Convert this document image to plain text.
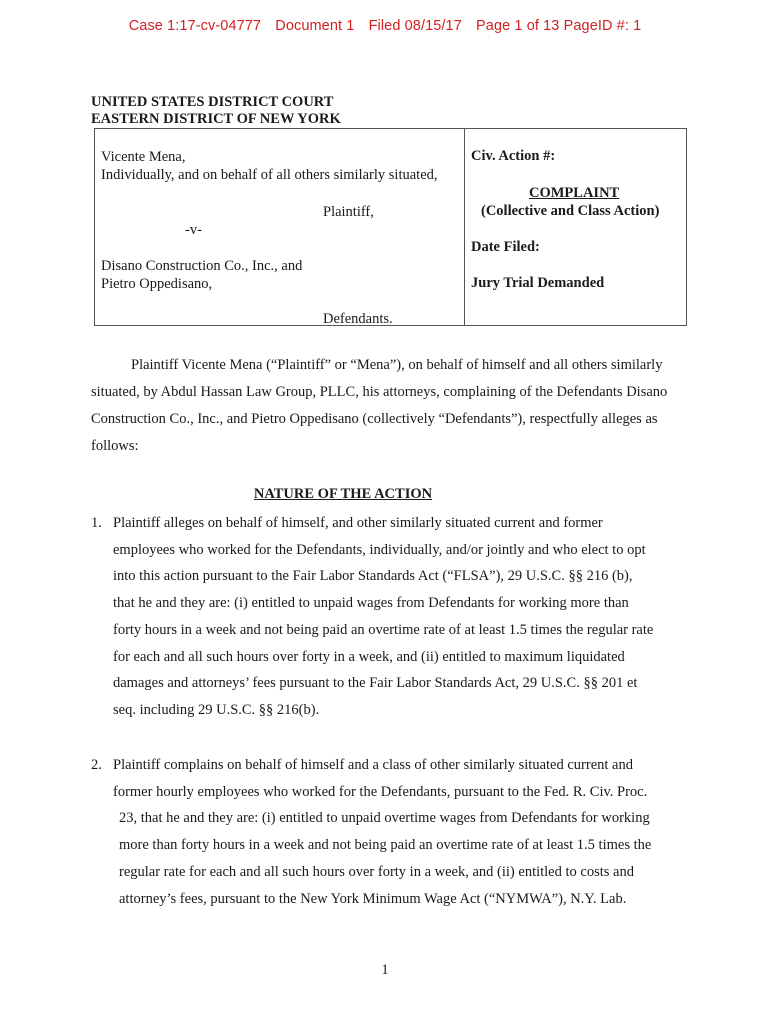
Case 1:17-cv-04777 Document 1 Filed 08/15/17 Page 1 of 13 PageID #: 1
UNITED STATES DISTRICT COURT
EASTERN DISTRICT OF NEW YORK
Vicente Mena,
Individually, and on behalf of all others similarly situated,
Plaintiff,
-v-
Disano Construction Co., Inc., and
Pietro Oppedisano,
Defendants.
Civ. Action #:
COMPLAINT
(Collective and Class Action)
Date Filed:
Jury Trial Demanded
Plaintiff Vicente Mena (“Plaintiff” or “Mena”), on behalf of himself and all others similarly situated, by Abdul Hassan Law Group, PLLC, his attorneys, complaining of the Defendants Disano Construction Co., Inc., and Pietro Oppedisano (collectively “Defendants”), respectfully alleges as follows:
NATURE OF THE ACTION
1. Plaintiff alleges on behalf of himself, and other similarly situated current and former
employees who worked for the Defendants, individually, and/or jointly and who elect to opt
into this action pursuant to the Fair Labor Standards Act (“FLSA”), 29 U.S.C. §§ 216 (b),
that he and they are: (i) entitled to unpaid wages from Defendants for working more than
forty hours in a week and not being paid an overtime rate of at least 1.5 times the regular rate
for each and all such hours over forty in a week, and (ii) entitled to maximum liquidated
damages and attorneys’ fees pursuant to the Fair Labor Standards Act, 29 U.S.C. §§ 201 et
seq. including 29 U.S.C. §§ 216(b).
2. Plaintiff complains on behalf of himself and a class of other similarly situated current and
former hourly employees who worked for the Defendants, pursuant to the Fed. R. Civ. Proc.
23, that he and they are: (i) entitled to unpaid overtime wages from Defendants for working
more than forty hours in a week and not being paid an overtime rate of at least 1.5 times the
regular rate for each and all such hours over forty in a week, and (ii) entitled to costs and
attorney’s fees, pursuant to the New York Minimum Wage Act (“NYMWA”), N.Y. Lab.
1
